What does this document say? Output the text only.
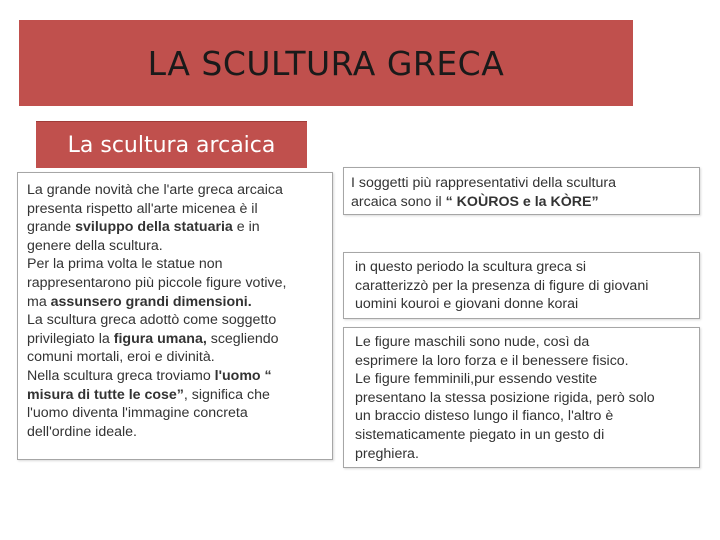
LA SCULTURA GRECA
La scultura arcaica
La grande novità che l'arte greca arcaica
presenta rispetto all'arte micenea è il
grande sviluppo della statuaria e in
genere della scultura.
Per la prima volta le statue non
rappresentarono più piccole figure votive,
ma assunsero grandi dimensioni.
La scultura greca adottò come soggetto
privilegiato la figura umana, scegliendo
comuni mortali, eroi e divinità.
Nella scultura greca troviamo l'uomo “
misura di tutte le cose”, significa che
l'uomo diventa l'immagine concreta
dell'ordine ideale.
I soggetti più rappresentativi della scultura
arcaica sono il “ KOÙROS e la KÒRE”
in questo periodo la scultura greca si
caratterizzò per la presenza di figure di giovani
uomini kouroi e giovani donne korai
Le figure maschili sono nude, così da
esprimere la loro forza e il benessere fisico.
Le figure femminili,pur essendo vestite
presentano la stessa posizione rigida, però solo
un braccio disteso lungo il fianco, l'altro è
sistematicamente piegato in un gesto di
preghiera.
